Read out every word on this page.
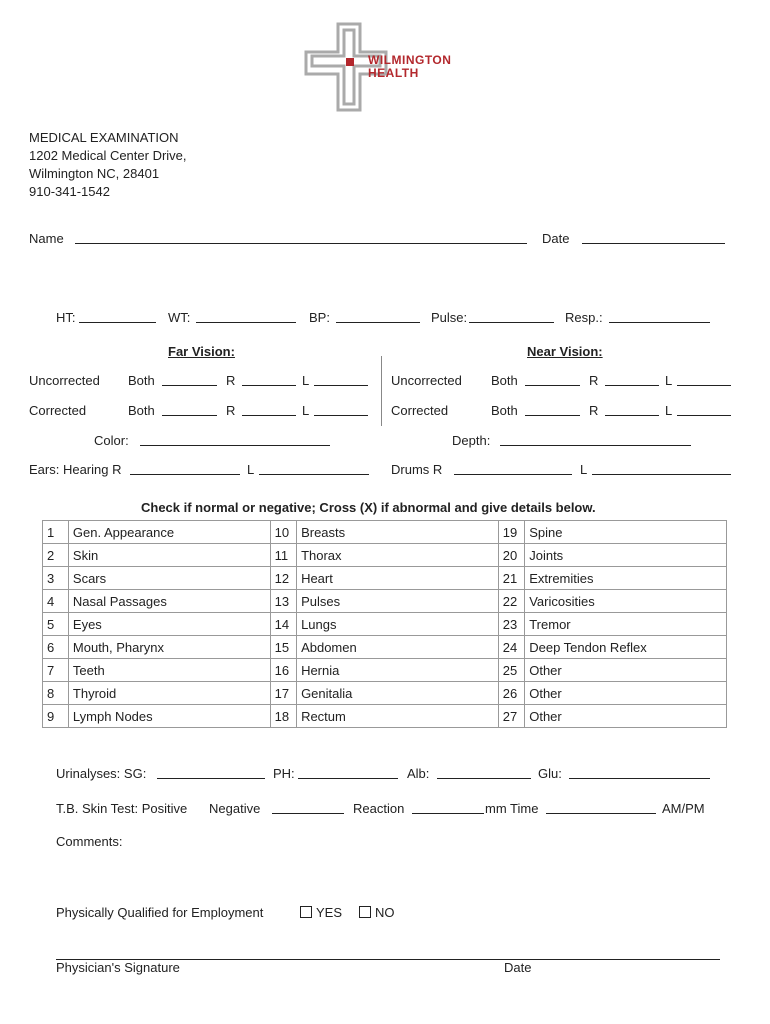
WILMINGTON
HEALTH
MEDICAL EXAMINATION
1202 Medical Center Drive,
Wilmington NC, 28401
910-341-1542
Name	Date
HT:	WT:	BP:	Pulse:	Resp.:
Far Vision:	Near Vision:
Uncorrected Both	R	L	Uncorrected Both	R	L
Corrected	Both	R	L	Corrected	Both	R	L
Color:	Depth:
Ears: Hearing R	L	Drums R	L
Check if normal or negative; Cross (X) if abnormal and give details below.
1	Gen. Appearance	10	Breasts	19	Spine
2	Skin	11	Thorax	20	Joints
3	Scars	12	Heart	21	Extremities
4	Nasal Passages	13	Pulses	22	Varicosities
5	Eyes	14	Lungs	23	Tremor
6	Mouth, Pharynx	15	Abdomen	24	Deep Tendon Reflex
7	Teeth	16	Hernia	25	Other
8	Thyroid	17	Genitalia	26	Other
9	Lymph Nodes	18	Rectum	27	Other
Urinalyses: SG:	PH:	Alb:	Glu:
T.B. Skin Test: Positive Negative	Reaction	mm Time	AM/PM
Comments:
Physically Qualified for Employment	YES	NO
Physician's Signature	Date
